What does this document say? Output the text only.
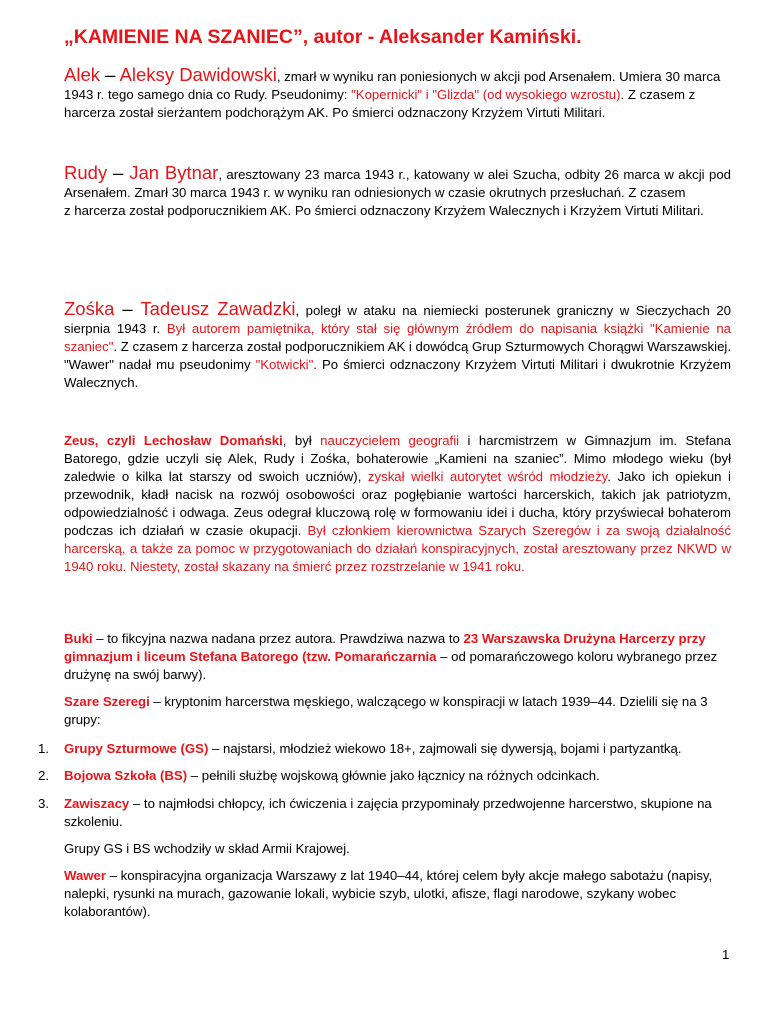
„KAMIENIE NA SZANIEC”, autor - Aleksander Kamiński.

Alek – Aleksy Dawidowski, zmarł w wyniku ran poniesionych w akcji pod Arsenałem. Umiera 30 marca 1943 r. tego samego dnia co Rudy. Pseudonimy: "Kopernicki" i "Glizda" (od wysokiego wzrostu). Z czasem z harcerza został sierżantem podchorążym AK. Po śmierci odznaczony Krzyżem Virtuti Militari.

Rudy – Jan Bytnar, aresztowany 23 marca 1943 r., katowany w alei Szucha, odbity 26 marca w akcji pod Arsenałem. Zmarł 30 marca 1943 r. w wyniku ran odniesionych w czasie okrutnych przesłuchań. Z czasem
z harcerza został podporucznikiem AK. Po śmierci odznaczony Krzyżem Walecznych i Krzyżem Virtuti Militari.

Zośka – Tadeusz Zawadzki, poległ w ataku na niemiecki posterunek graniczny w Sieczychach 20 sierpnia 1943 r. Był autorem pamiętnika, który stał się głównym źródłem do napisania książki "Kamienie na szaniec". Z czasem z harcerza został podporucznikiem AK i dowódcą Grup Szturmowych Chorągwi Warszawskiej. "Wawer" nadał mu pseudonimy "Kotwicki". Po śmierci odznaczony Krzyżem Virtuti Militari i dwukrotnie Krzyżem Walecznych.

Zeus, czyli Lechosław Domański, był nauczycielem geografii i harcmistrzem w Gimnazjum im. Stefana Batorego, gdzie uczyli się Alek, Rudy i Zośka, bohaterowie „Kamieni na szaniec”. Mimo młodego wieku (był zaledwie o kilka lat starszy od swoich uczniów), zyskał wielki autorytet wśród młodzieży. Jako ich opiekun i przewodnik, kładł nacisk na rozwój osobowości oraz pogłębianie wartości harcerskich, takich jak patriotyzm, odpowiedzialność i odwaga. Zeus odegrał kluczową rolę w formowaniu idei i ducha, który przyświecał bohaterom podczas ich działań w czasie okupacji. Był członkiem kierownictwa Szarych Szeregów i za swoją działalność harcerską, a także za pomoc w przygotowaniach do działań konspiracyjnych, został aresztowany przez NKWD w 1940 roku. Niestety, został skazany na śmierć przez rozstrzelanie w 1941 roku.

Buki – to fikcyjna nazwa nadana przez autora. Prawdziwa nazwa to 23 Warszawska Drużyna Harcerzy przy gimnazjum i liceum Stefana Batorego (tzw. Pomarańczarnia – od pomarańczowego koloru wybranego przez drużynę na swój barwy).

Szare Szeregi – kryptonim harcerstwa męskiego, walczącego w konspiracji w latach 1939–44. Dzielili się na 3 grupy:

1.	Grupy Szturmowe (GS) – najstarsi, młodzież wiekowo 18+, zajmowali się dywersją, bojami i partyzantką.
2.	Bojowa Szkoła (BS) – pełnili służbę wojskową głównie jako łącznicy na różnych odcinkach.
3.	Zawiszacy – to najmłodsi chłopcy, ich ćwiczenia i zajęcia przypominały przedwojenne harcerstwo, skupione na szkoleniu.

Grupy GS i BS wchodziły w skład Armii Krajowej.

Wawer – konspiracyjna organizacja Warszawy z lat 1940–44, której celem były akcje małego sabotażu (napisy, nalepki, rysunki na murach, gazowanie lokali, wybicie szyb, ulotki, afisze, flagi narodowe, szykany wobec kolaborantów).

1
